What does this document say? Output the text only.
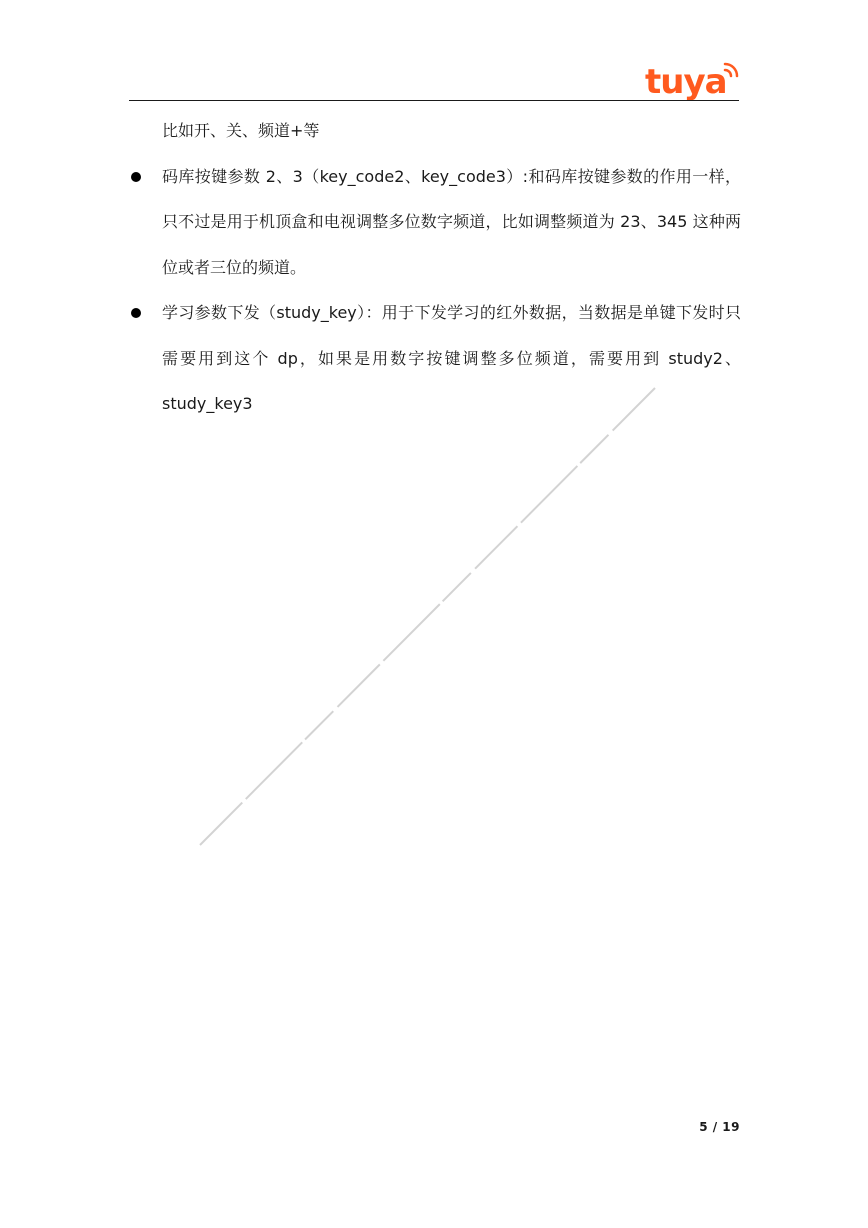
tuya

比如开、关、频道+等

码库按键参数 2、3（key_code2、key_code3）:和码库按键参数的作用一样，只不过是用于机顶盒和电视调整多位数字频道，比如调整频道为 23、345 这种两位或者三位的频道。

学习参数下发（study_key）：用于下发学习的红外数据，当数据是单键下发时只需要用到这个 dp，如果是用数字按键调整多位频道，需要用到 study2、study_key3

5 / 19
